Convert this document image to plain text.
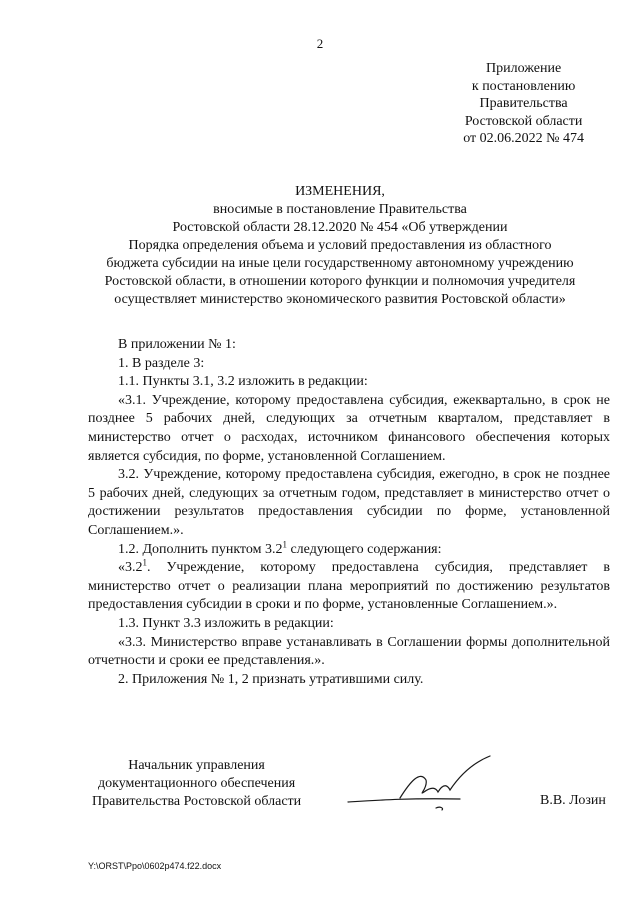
2
Приложение
к постановлению
Правительства
Ростовской области
от 02.06.2022 № 474
ИЗМЕНЕНИЯ,
вносимые в постановление Правительства
Ростовской области 28.12.2020 № 454 «Об утверждении
Порядка определения объема и условий предоставления из областного
бюджета субсидии на иные цели государственному автономному учреждению
Ростовской области, в отношении которого функции и полномочия учредителя
осуществляет министерство экономического развития Ростовской области»

В приложении № 1:

1. В разделе 3:

1.1. Пункты 3.1, 3.2 изложить в редакции:

«3.1. Учреждение, которому предоставлена субсидия, ежеквартально, в срок не позднее 5 рабочих дней, следующих за отчетным кварталом, представляет в министерство отчет о расходах, источником финансового обеспечения которых является субсидия, по форме, установленной Соглашением.

3.2. Учреждение, которому предоставлена субсидия, ежегодно, в срок не позднее 5 рабочих дней, следующих за отчетным годом, представляет в министерство отчет о достижении результатов предоставления субсидии по форме, установленной Соглашением.».

1.2. Дополнить пунктом $3.2^1$ следующего содержания:

«$3.2^1$. Учреждение, которому предоставлена субсидия, представляет в министерство отчет о реализации плана мероприятий по достижению результатов предоставления субсидии в сроки и по форме, установленные Соглашением.».

1.3. Пункт 3.3 изложить в редакции:

«3.3. Министерство вправе устанавливать в Соглашении формы дополнительной отчетности и сроки ее представления.».

2. Приложения № 1, 2 признать утратившими силу.

Начальник управления
документационного обеспечения
Правительства Ростовской области	В.В. Лозин
Y:\ORST\Ppo\0602p474.f22.docx
